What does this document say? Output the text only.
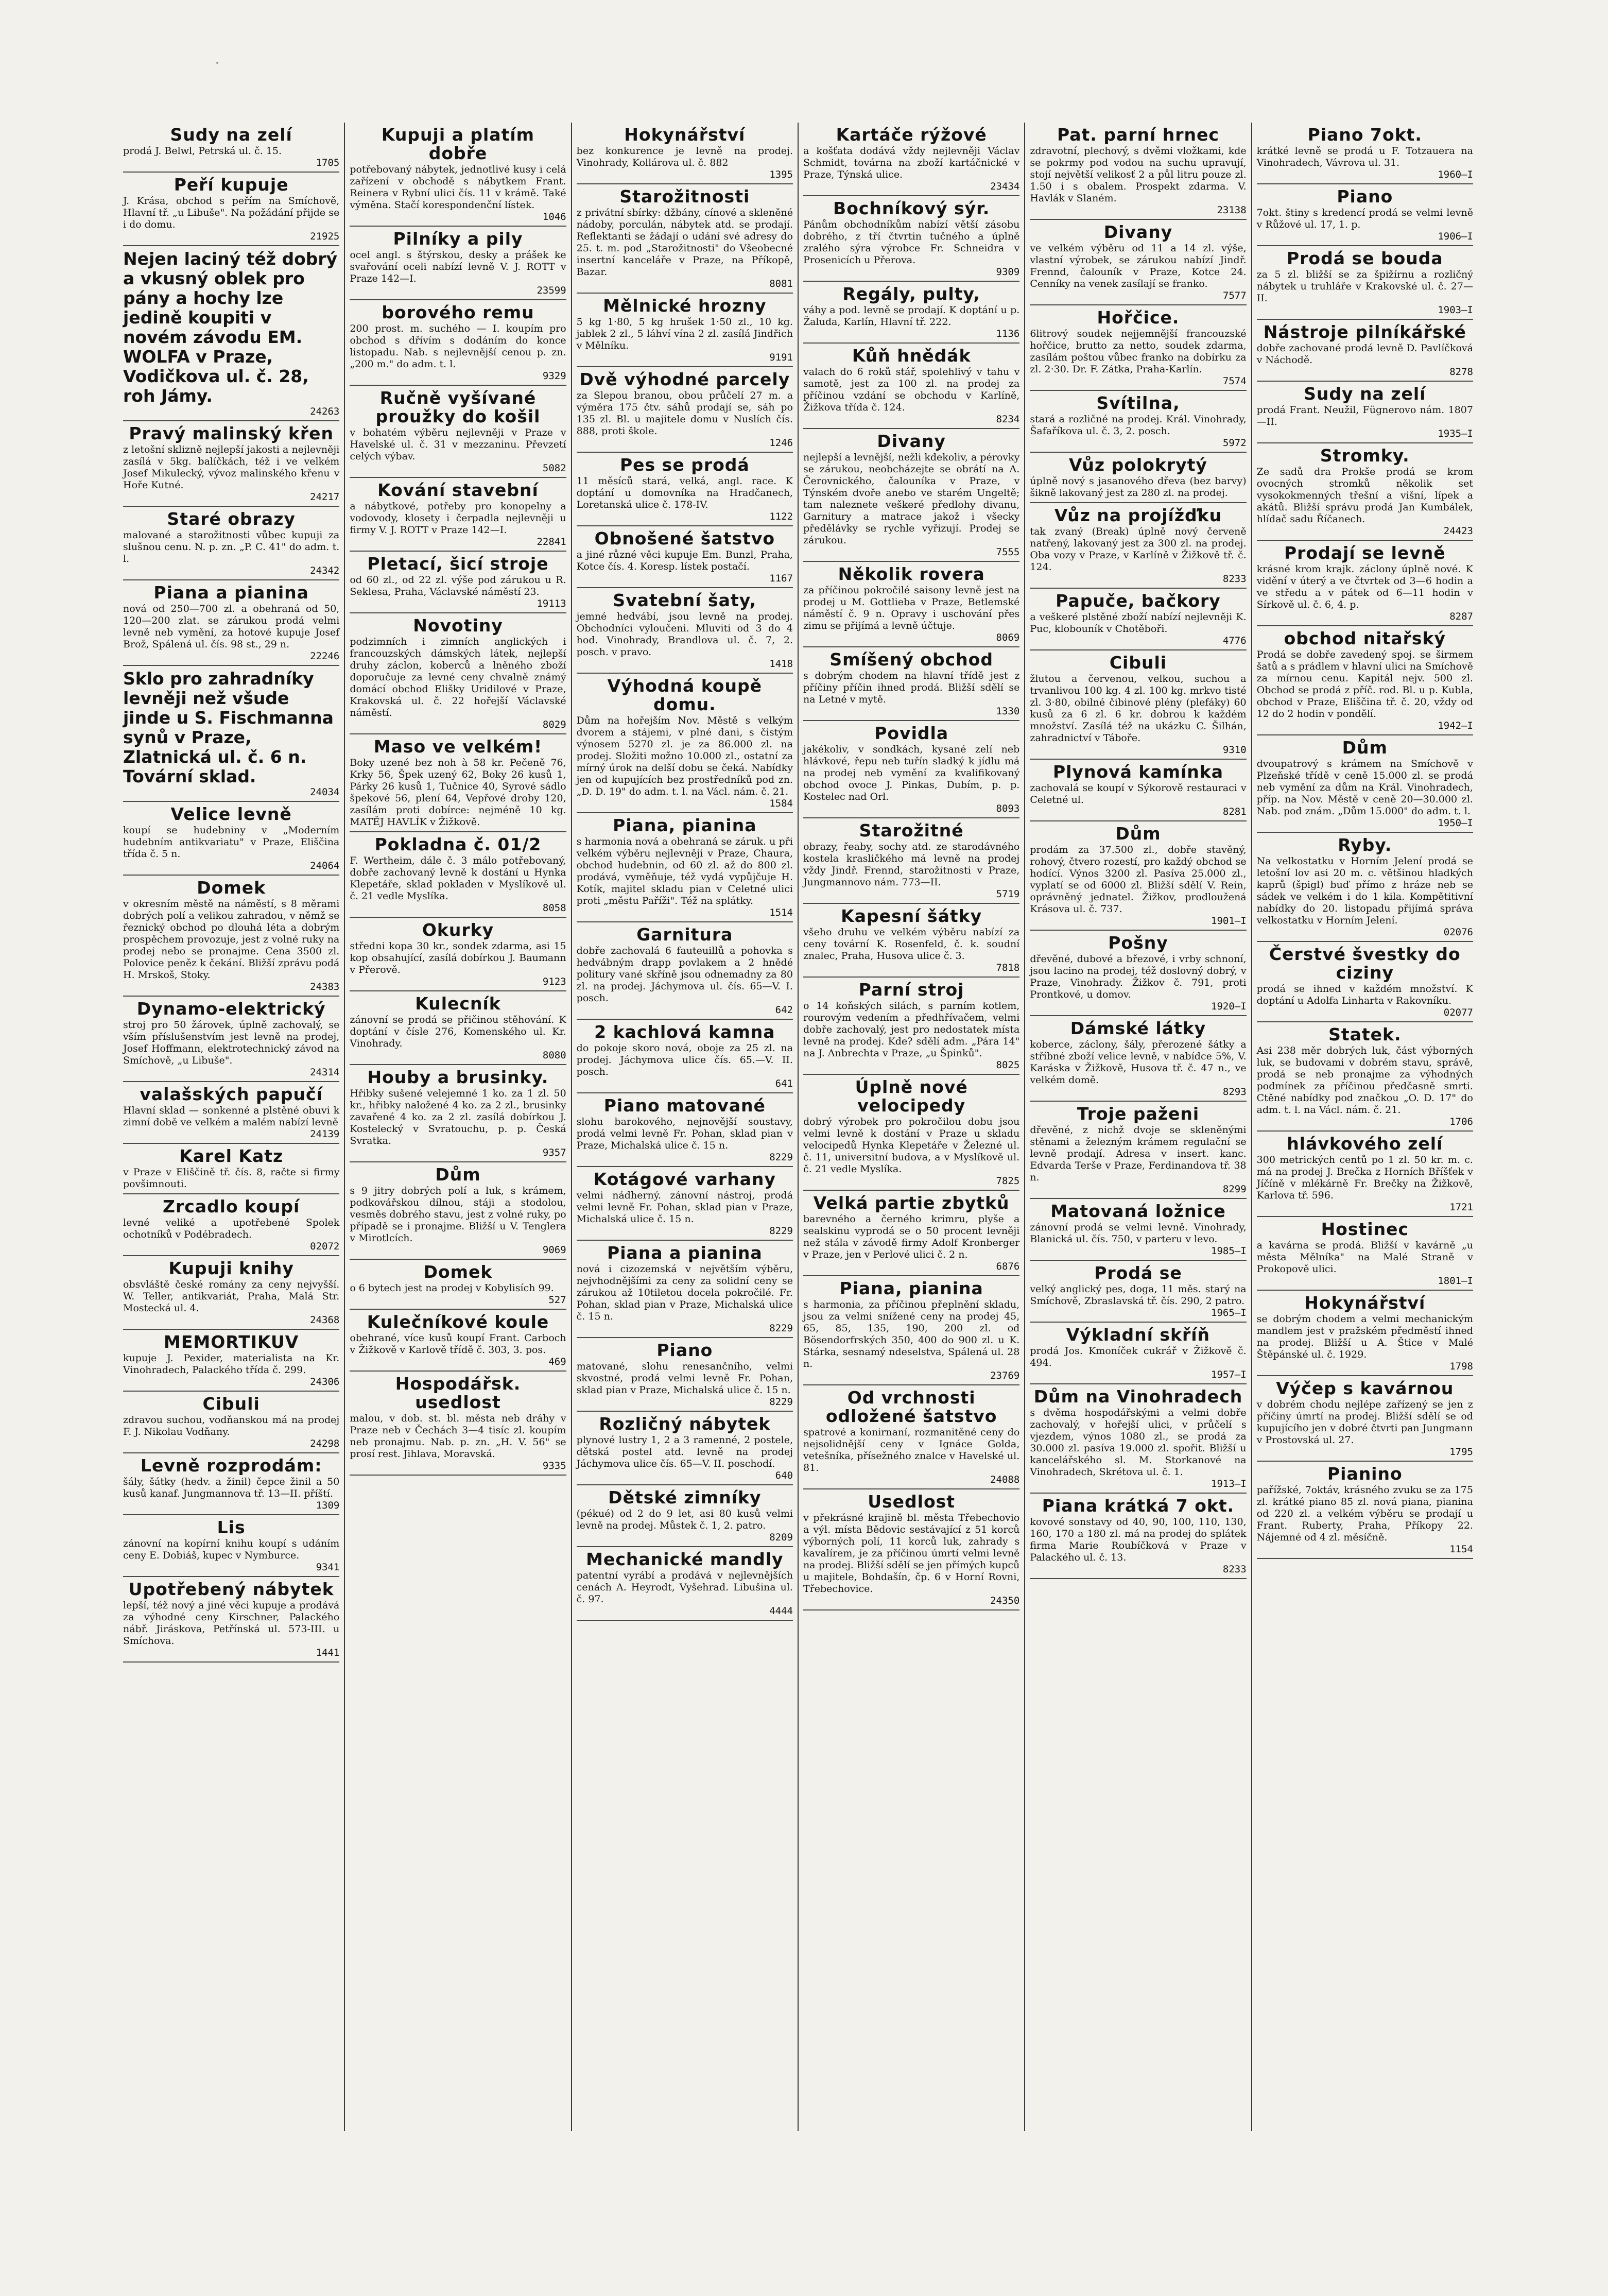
Sudy na zelí

prodá J. Belwl, Petrská ul. č. 15.

1705
Peří kupuje

J. Krása, obchod s peřím na Smíchově, Hlavní tř. „u Libuše". Na požádání přijde se i do domu.

21925

Nejen laciný též dobrý a vkusný oblek pro pány a hochy lze jedině koupiti v novém závodu EM. WOLFA v Praze, Vodičkova ul. č. 28, roh Jámy.

24263
Pravý malinský křen

z letošní sklizně nejlepší jakosti a nejlevněji zasílá v 5kg. balíčkách, též i ve velkém Josef Mikulecký, vývoz malinského křenu v Hoře Kutné.

24217
Staré obrazy

malované a starožitnosti vůbec kupuji za slušnou cenu. N. p. zn. „P. C. 41" do adm. t. l.

24342
Piana a pianina

nová od 250—700 zl. a obehraná od 50, 120—200 zlat. se zárukou prodá velmi levně neb vymění, za hotové kupuje Josef Brož, Spálená ul. čís. 98 st., 29 n.

22246

Sklo pro zahradníky levněji než všude jinde u S. Fischmanna synů v Praze, Zlatnická ul. č. 6 n. Tovární sklad.

24034
Velice levně

koupí se hudebniny v „Moderním hudebním antikvariatu" v Praze, Eliščina třída č. 5 n.

24064
Domek

v okresním městě na náměstí, s 8 měrami dobrých polí a velikou zahradou, v němž se řeznický obchod po dlouhá léta a dobrým prospěchem provozuje, jest z volné ruky na prodej nebo se pronajme. Cena 3500 zl. Polovice peněz k čekání. Bližší zprávu podá H. Mrskoš, Stoky.

24383
Dynamo-elektrický

stroj pro 50 žárovek, úplně zachovalý, se vším příslušenstvím jest levně na prodej, Josef Hoffmann, elektrotechnický závod na Smíchově, „u Libuše".

24314
valašských papučí

Hlavní sklad — sonkenné a plstěné obuvi k zimní době ve velkém a malém nabízí levně

24139
Karel Katz

v Praze v Eliščině tř. čís. 8, račte si firmy povšimnouti.

Zrcadlo koupí

levné veliké a upotřebené Spolek ochotníků v Podébradech.

02072
Kupuji knihy

obsvláště české romány za ceny nejvyšší. W. Teller, antikvariát, Praha, Malá Str. Mostecká ul. 4.

24368
MEMORTIKUV

kupuje J. Pexider, materialista na Kr. Vinohradech, Palackého třída č. 299.

24306
Cibuli

zdravou suchou, vodňanskou má na prodej F. J. Nikolau Vodňany.

24298
Levně rozprodám:

šály, šátky (hedv. a žinil) čepce žinil a 50 kusů kanaf. Jungmannova tř. 13—II. příští.

1309
Lis

zánovní na kopírní knihu koupí s udáním ceny E. Dobiáš, kupec v Nymburce.

9341
Upotřebený nábytek

lepší, též nový a jiné věci kupuje a prodává za výhodné ceny Kirschner, Palackého nábř. Jiráskova, Petřínská ul. 573-III. u Smíchova.

1441
Kupuji a platím dobře

potřebovaný nábytek, jednotlivé kusy i celá zařízení v obchodě s nábytkem Frant. Reinera v Rybní ulici čís. 11 v krámě. Také výměna. Stačí korespondenční lístek.

1046
Pilníky a pily

ocel angl. s štýrskou, desky a prášek ke svařování oceli nabízí levně V. J. ROTT v Praze 142—I.

23599
borového remu

200 prost. m. suchého — I. koupím pro obchod s dřívím s dodáním do konce listopadu. Nab. s nejlevnější cenou p. zn. „200 m." do adm. t. l.

9329
Ručně vyšívané proužky do košil

v bohatém výběru nejlevněji v Praze v Havelské ul. č. 31 v mezzaninu. Převzetí celých výbav.

5082
Kování stavební

a nábytkové, potřeby pro konopelny a vodovody, klosety i čerpadla nejlevněji u firmy V. J. ROTT v Praze 142—I.

22841
Pletací, šicí stroje

od 60 zl., od 22 zl. výše pod zárukou u R. Seklesa, Praha, Václavské náměstí 23.

19113
Novotiny

podzimních i zimních anglických i francouzských dámských látek, nejlepší druhy záclon, koberců a lněného zboží doporučuje za levné ceny chvalně známý domácí obchod Elišky Uridilové v Praze, Krakovská ul. č. 22 hořejší Václavské náměstí.

8029
Maso ve velkém!

Boky uzené bez noh à 58 kr. Pečeně 76, Krky 56, Špek uzený 62, Boky 26 kusů 1, Párky 26 kusů 1, Tučnice 40, Syrové sádlo špekové 56, plení 64, Vepřové droby 120, zasílám proti dobírce: nejméně 10 kg. MATĚJ HAVLÍK v Žižkově.

Pokladna č. 01/2

F. Wertheim, dále č. 3 málo potřebovaný, dobře zachovaný levně k dostání u Hynka Klepetáře, sklad pokladen v Myslíkově ul. č. 21 vedle Myslíka.

8058
Okurky

středni kopa 30 kr., sondek zdarma, asi 15 kop obsahující, zasílá dobírkou J. Baumann v Přerově.

9123
Kulecník

zánovní se prodá se přičinou stěhování. K doptání v čísle 276, Komenského ul. Kr. Vinohrady.

8080
Houby a brusinky.

Hřibky sušené velejemné 1 ko. za 1 zl. 50 kr., hřibky naložené 4 ko. za 2 zl., brusinky zavařené 4 ko. za 2 zl. zasílá dobírkou J. Kostelecký v Svratouchu, p. p. Česká Svratka.

9357
Dům

s 9 jitry dobrých polí a luk, s krámem, podkovářskou dílnou, stáji a stodolou, vesměs dobrého stavu, jest z volné ruky, po případě se i pronajme. Bližší u V. Tenglera v Mirotlcích.

9069
Domek

o 6 bytech jest na prodej v Kobylisích 99.

527
Kulečníkové koule

obehrané, více kusů koupí Frant. Carboch v Žižkově v Karlově třídě č. 303, 3. pos.

469
Hospodářsk. usedlost

malou, v dob. st. bl. města neb dráhy v Praze neb v Čechách 3—4 tisíc zl. koupím neb pronajmu. Nab. p. zn. „H. V. 56" se prosí rest. Jihlava, Moravská.

9335
Hokynářství

bez konkurence je levně na prodej. Vinohrady, Kollárova ul. č. 882

1395
Starožitnosti

z privátní sbírky: džbány, cínové a skleněné nádoby, porculán, nábytek atd. se prodají. Reflektanti se žádají o udání své adresy do 25. t. m. pod „Starožitnosti" do Všeobecné insertní kanceláře v Praze, na Příkopě, Bazar.

8081
Mělnické hrozny

5 kg 1·80, 5 kg hrušek 1·50 zl., 10 kg. jablek 2 zl., 5 láhví vína 2 zl. zasílá Jindřich v Mělníku.

9191
Dvě výhodné parcely

za Slepou branou, obou průčelí 27 m. a výměra 175 čtv. sáhů prodají se, sáh po 135 zl. Bl. u majitele domu v Nuslích čís. 888, proti škole.

1246
Pes se prodá

11 měsíců stará, velká, angl. race. K doptání u domovníka na Hradčanech, Loretanská ulice č. 178-IV.

1122
Obnošené šatstvo

a jiné různé věci kupuje Em. Bunzl, Praha, Kotce čís. 4. Koresp. lístek postačí.

1167
Svatební šaty,

jemné hedvábí, jsou levně na prodej. Obchodníci vyloučeni. Mluviti od 3 do 4 hod. Vinohrady, Brandlova ul. č. 7, 2. posch. v pravo.

1418
Výhodná koupě domu.

Dům na hořejším Nov. Městě s velkým dvorem a stájemi, v plné dani, s čistým výnosem 5270 zl. je za 86.000 zl. na prodej. Složiti možno 10.000 zl., ostatní za mírný úrok na delší dobu se čeká. Nabídky jen od kupujících bez prostředníků pod zn. „D. D. 19" do adm. t. l. na Václ. nám. č. 21.

1584
Piana, pianina

s harmonia nová a obehraná se záruk. u při velkém výběru nejlevněji v Praze, Chaura, obchod hudebnin, od 60 zl. až do 800 zl. prodává, vyměňuje, též vydá vypůjčuje H. Kotík, majitel skladu pian v Celetné ulici proti „městu Paříži". Též na splátky.

1514
Garnitura

dobře zachovalá 6 fauteuillů a pohovka s hedvábným drapp povlakem a 2 hnědé politury vané skříně jsou odnemadny za 80 zl. na prodej. Jáchymova ul. čís. 65—V. I. posch.

642
2 kachlová kamna

do pokoje skoro nová, oboje za 25 zl. na prodej. Jáchymova ulice čís. 65.—V. II. posch.

641
Piano matované

slohu barokového, nejnovější soustavy, prodá velmi levně Fr. Pohan, sklad pian v Praze, Michalská ulice č. 15 n.

8229
Kotágové varhany

velmi nádherný. zánovní nástroj, prodá velmi levně Fr. Pohan, sklad pian v Praze, Michalská ulice č. 15 n.

8229
Piana a pianina

nová i cizozemská v největším výběru, nejvhodnějšími za ceny za solidní ceny se zárukou až 10tiletou docela pokročilé. Fr. Pohan, sklad pian v Praze, Michalská ulice č. 15 n.

8229
Piano

matované, slohu renesančního, velmi skvostné, prodá velmi levně Fr. Pohan, sklad pian v Praze, Michalská ulice č. 15 n.

8229
Rozličný nábytek

plynové lustry 1, 2 a 3 ramenné, 2 postele, dětská postel atd. levně na prodej Jáchymova ulice čís. 65—V. II. poschodí.

640
Dětské zimníky

(pékué) od 2 do 9 let, asi 80 kusů velmi levně na prodej. Můstek č. 1, 2. patro.

8209
Mechanické mandly

patentní vyrábí a prodává v nejlevnějších cenách A. Heyrodt, Vyšehrad. Libušina ul. č. 97.

4444
Kartáče rýžové

a košťata dodává vždy nejlevněji Václav Schmidt, továrna na zboží kartáčnické v Praze, Týnská ulice.

23434
Bochníkový sýr.

Pánům obchodníkům nabízí větší zásobu dobrého, z tří čtvrtin tučného a úplně zralého sýra výrobce Fr. Schneidra v Prosenicích u Přerova.

9309
Regály, pulty,

váhy a pod. levně se prodají. K doptání u p. Žaluda, Karlín, Hlavní tř. 222.

1136
Kůň hnědák

valach do 6 roků stář, spolehlivý v tahu v samotě, jest za 100 zl. na prodej za příčinou vzdání se obchodu v Karlíně, Žižkova třída č. 124.

8234
Divany

nejlepší a levnější, nežli kdekoliv, a pérovky se zárukou, neobcházejte se obrátí na A. Čerovnického, čalouníka v Praze, v Týnském dvoře anebo ve starém Ungeltě; tam naleznete veškeré předlohy divanu, Garnitury a matrace jakož i všecky předělávky se rychle vyřizují. Prodej se zárukou.

7555
Několik rovera

za příčinou pokročilé saisony levně jest na prodej u M. Gottlieba v Praze, Betlemské náměstí č. 9 n. Opravy i uschování přes zimu se přijímá a levně účtuje.

8069
Smíšený obchod

s dobrým chodem na hlavní třídě jest z příčiny příčin ihned prodá. Bližší sdělí se na Letné v mytě.

1330
Povidla

jakékoliv, v sondkách, kysané zelí neb hlávkové, řepu neb tuřín sladký k jídlu má na prodej neb vymění za kvalifikovaný obchod ovoce J. Pinkas, Dubím, p. p. Kostelec nad Orl.

8093
Starožitné

obrazy, řeaby, sochy atd. ze starodávného kostela krasličkého má levně na prodej vždy Jindř. Frennd, starožitnosti v Praze, Jungmannovo nám. 773—II.

5719
Kapesní šátky

všeho druhu ve velkém výběru nabízí za ceny tovární K. Rosenfeld, č. k. soudní znalec, Praha, Husova ulice č. 3.

7818
Parní stroj

o 14 koňských silách, s parním kotlem, rourovým vedením a předhřívačem, velmi dobře zachovalý, jest pro nedostatek místa levně na prodej. Kde? sdělí adm. „Pára 14" na J. Anbrechta v Praze, „u Špinků".

8025
Úplně nové velocipedy

dobrý výrobek pro pokročilou dobu jsou velmi levně k dostání v Praze u skladu velocipedů Hynka Klepetáře v Železné ul. č. 11, universitní budova, a v Myslíkově ul. č. 21 vedle Myslíka.

7825
Velká partie zbytků

barevného a černého krimru, plyše a sealskinu vyprodá se o 50 procent levněji než stála v závodě firmy Adolf Kronberger v Praze, jen v Perlové ulici č. 2 n.

6876
Piana, pianina

s harmonia, za příčinou přeplnění skladu, jsou za velmi snížené ceny na prodej 45, 65, 85, 135, 190, 200 zl. od Bösendorfrských 350, 400 do 900 zl. u K. Stárka, sesnamý ndeselstva, Spálená ul. 28 n.

23769
Od vrchnosti odložené šatstvo

spatrové a konirnaní, rozmanitěné ceny do nejsolidnější ceny v Ignáce Golda, vetešníka, přísežného znalce v Havelské ul. 81.

24088
Usedlost

v překrásné krajině bl. města Třebechovio a výl. místa Bědovic sestávající z 51 korců výborných polí, 11 korců luk, zahrady s kavalírem, je za příčinou úmrtí velmi levně na prodej. Bližší sdělí se jen přímých kupců u majitele, Bohdašín, čp. 6 v Horní Rovni, Třebechovice.

24350
Pat. parní hrnec

zdravotní, plechový, s dvěmi vložkami, kde se pokrmy pod vodou na suchu upravují, stojí největší velikosť 2 a půl litru pouze zl. 1.50 i s obalem. Prospekt zdarma. V. Havlák v Slaném.

23138
Divany

ve velkém výběru od 11 a 14 zl. výše, vlastní výrobek, se zárukou nabízí Jindř. Frennd, čalouník v Praze, Kotce 24. Cenníky na venek zasílají se franko.

7577
Hořčice.

6litrový soudek nejjemnější francouzské hořčice, brutto za netto, soudek zdarma, zasílám poštou vůbec franko na dobírku za zl. 2·30. Dr. F. Zátka, Praha-Karlín.

7574
Svítilna,

stará a rozličné na prodej. Král. Vinohrady, Šafaříkova ul. č. 3, 2. posch.

5972
Vůz polokrytý

úplně nový s jasanového dřeva (bez barvy) šikně lakovaný jest za 280 zl. na prodej.

Vůz na projížďku

tak zvaný (Break) úplně nový červeně natřený, lakovaný jest za 300 zl. na prodej. Oba vozy v Praze, v Karlíně v Žižkově tř. č. 124.

8233
Papuče, bačkory

a veškeré plstěné zboží nabízí nejlevněji K. Puc, klobouník v Chotěboři.

4776
Cibuli

žlutou a červenou, velkou, suchou a trvanlivou 100 kg. 4 zl. 100 kg. mrkvo tisté zl. 3·80, obilné čibinové plény (plefáky) 60 kusů za 6 zl. 6 kr. dobrou k každém množství. Zasílá též na ukázku C. Šilhán, zahradnictví v Táboře.

9310
Plynová kamínka

zachovalá se koupí v Sýkorově restauraci v Celetné ul.

8281
Dům

prodám za 37.500 zl., dobře stavěný, rohový, čtvero rozestí, pro každý obchod se hodící. Výnos 3200 zl. Pasíva 25.000 zl., vyplatí se od 6000 zl. Bližší sdělí V. Rein, oprávněný jednatel. Žižkov, prodloužená Krásova ul. č. 737.

1901—I
Pošny

dřevěné, dubové a březové, i vrby schnoní, jsou lacino na prodej, též doslovný dobrý, v Praze, Vinohrady. Žižkov č. 791, proti Prontkové, u domov.

1920—I
Dámské látky

koberce, záclony, šály, přerozené šátky a stříbné zboží velice levně, v nabídce 5%, V. Karáska v Žižkově, Husova tř. č. 47 n., ve velkém domě.

8293
Troje paženi

dřevěné, z nichž dvoje se skleněnými stěnami a železným krámem regulační se levně prodají. Adresa v insert. kanc. Edvarda Terše v Praze, Ferdinandova tř. 38 n.

8299
Matovaná ložnice

zánovní prodá se velmi levně. Vinohrady, Blanická ul. čís. 750, v parteru v levo.

1985—I
Prodá se

velký anglický pes, doga, 11 měs. starý na Smíchově, Zbraslavská tř. čís. 290, 2 patro.

1965—I
Výkladní skříň

prodá Jos. Kmoníček cukrář v Žižkově č. 494.

1957—I
Dům na Vinohradech

s dvěma hospodářskými a velmi dobře zachovalý, v hořejší ulici, v průčelí s vjezdem, výnos 1080 zl., se prodá za 30.000 zl. pasíva 19.000 zl. spořit. Bližší u kancelářského sl. M. Storkanové na Vinohradech, Skrétova ul. č. 1.

1913—I
Piana krátká 7 okt.

kovové sonstavy od 40, 90, 100, 110, 130, 160, 170 a 180 zl. má na prodej do splátek firma Marie Roubíčková v Praze v Palackého ul. č. 13.

8233
Piano 7okt.

krátké levně se prodá u F. Totzauera na Vinohradech, Vávrova ul. 31.

1960—I
Piano

7okt. štiny s kredencí prodá se velmi levně v Růžové ul. 17, 1. p.

1906—I
Prodá se bouda

za 5 zl. bližší se za špižírnu a rozličný nábytek u truhláře v Krakovské ul. č. 27—II.

1903—I
Nástroje pilníkářské

dobře zachované prodá levně D. Pavlíčková v Náchodě.

8278
Sudy na zelí

prodá Frant. Neužil, Fügnerovo nám. 1807—II.

1935—I
Stromky.

Ze sadů dra Prokše prodá se krom ovocných stromků několik set vysokokmenných třešní a višní, lípek a akátů. Bližší správu prodá Jan Kumbálek, hlídač sadu Říčanech.

24423
Prodají se levně

krásné krom krajk. záclony úplně nové. K vidění v úterý a ve čtvrtek od 3—6 hodin a ve středu a v pátek od 6—11 hodin v Sírkově ul. č. 6, 4. p.

8287
obchod nitařský

Prodá se dobře zavedený spoj. se širmem šatů a s prádlem v hlavní ulici na Smíchově za mírnou cenu. Kapitál nejv. 500 zl. Obchod se prodá z příč. rod. Bl. u p. Kubla, obchod v Praze, Eliščina tř. č. 20, vždy od 12 do 2 hodin v pondělí.

1942—I
Dům

dvoupatrový s krámem na Smíchově v Plzeňské třídě v ceně 15.000 zl. se prodá neb vymění za dům na Král. Vinohradech, příp. na Nov. Městě v ceně 20—30.000 zl. Nab. pod znám. „Dům 15.000" do adm. t. l.

1950—I
Ryby.

Na velkostatku v Horním Jelení prodá se letošní lov asi 20 m. c. většinou hladkých kaprů (špigl) buď přímo z hráze neb se sádek ve velkém i do 1 kila. Kompětitivní nabídky do 20. listopadu přijímá správa velkostatku v Horním Jelení.

02076
Čerstvé švestky do ciziny

prodá se ihned v každém množství. K doptání u Adolfa Linharta v Rakovníku.

02077
Statek.

Asi 238 měr dobrých luk, část výborných luk, se budovami v dobrém stavu, správě, prodá se neb pronajme za výhodných podmínek za příčinou předčasně smrti. Ctěné nabídky pod značkou „O. D. 17" do adm. t. l. na Václ. nám. č. 21.

1706
hlávkového zelí

300 metrických centů po 1 zl. 50 kr. m. c. má na prodej J. Brečka z Horních Bříšťek v Jíčíně v mlékárně Fr. Brečky na Žižkově, Karlova tř. 596.

1721
Hostinec

a kavárna se prodá. Bližší v kavárně „u města Mělníka" na Malé Straně v Prokopově ulici.

1801—I
Hokynářství

se dobrým chodem a velmi mechanickým mandlem jest v pražském předměstí ihned na prodej. Bližší u A. Štice v Malé Štěpánské ul. č. 1929.

1798
Výčep s kavárnou

v dobrém chodu nejlépe zařízený se jen z příčiny úmrtí na prodej. Bližší sdělí se od kupujícího jen v dobré čtvrti pan Jungmann v Prostovská ul. 27.

1795
Pianino

pařížské, 7oktáv, krásného zvuku se za 175 zl. krátké piano 85 zl. nová piana, pianina od 220 zl. a velkém výběru se prodají u Frant. Ruberty, Praha, Příkopy 22. Nájemné od 4 zl. měsíčně.

1154
